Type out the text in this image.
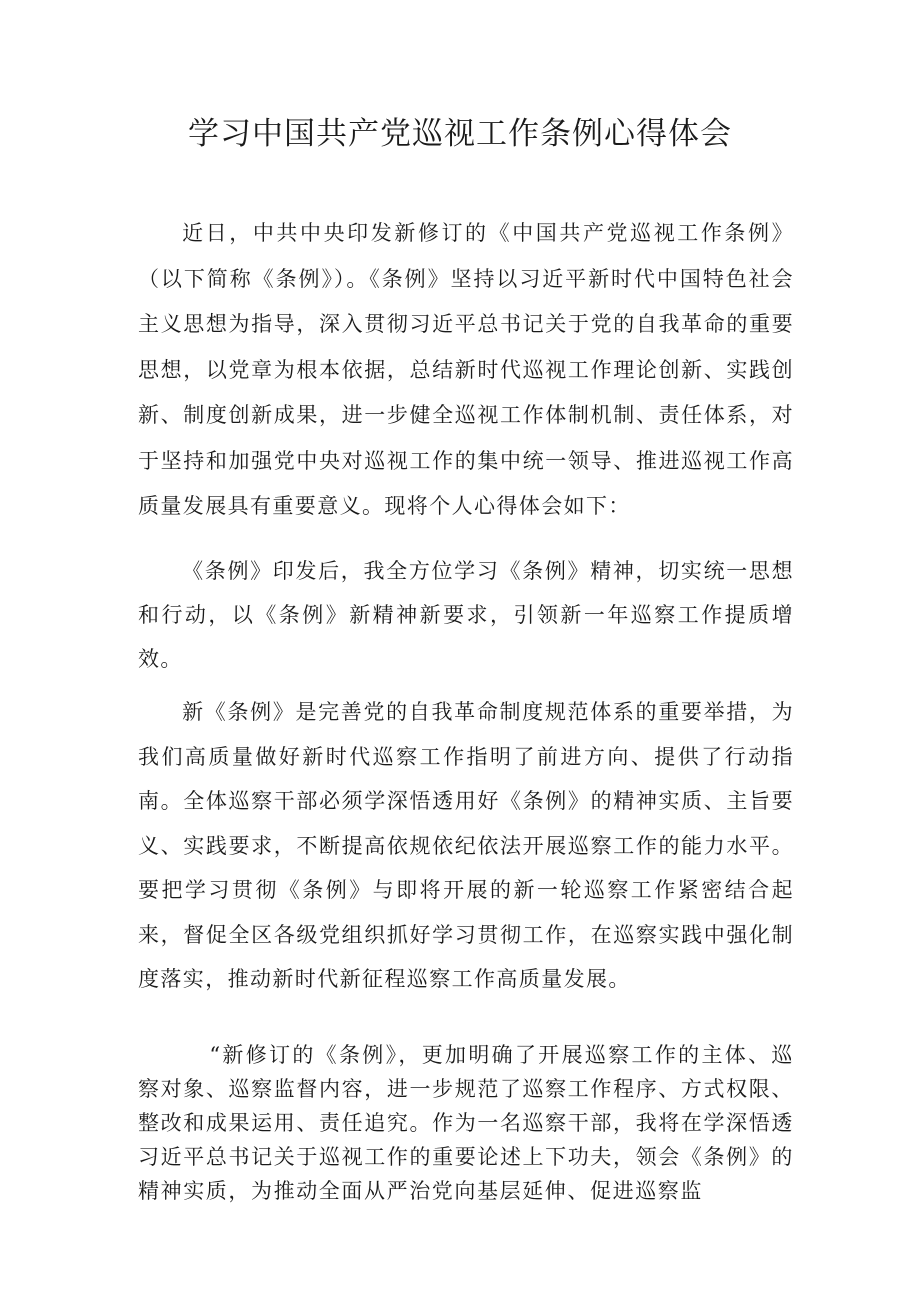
学习中国共产党巡视工作条例心得体会

近日，中共中央印发新修订的《中国共产党巡视工作条例》（以下简称《条例》）。《条例》坚持以习近平新时代中国特色社会主义思想为指导，深入贯彻习近平总书记关于党的自我革命的重要思想，以党章为根本依据，总结新时代巡视工作理论创新、实践创新、制度创新成果，进一步健全巡视工作体制机制、责任体系，对于坚持和加强党中央对巡视工作的集中统一领导、推进巡视工作高质量发展具有重要意义。现将个人心得体会如下：

《条例》印发后，我全方位学习《条例》精神，切实统一思想和行动，以《条例》新精神新要求，引领新一年巡察工作提质增效。

新《条例》是完善党的自我革命制度规范体系的重要举措，为我们高质量做好新时代巡察工作指明了前进方向、提供了行动指南。全体巡察干部必须学深悟透用好《条例》的精神实质、主旨要义、实践要求，不断提高依规依纪依法开展巡察工作的能力水平。要把学习贯彻《条例》与即将开展的新一轮巡察工作紧密结合起来，督促全区各级党组织抓好学习贯彻工作，在巡察实践中强化制度落实，推动新时代新征程巡察工作高质量发展。

“新修订的《条例》，更加明确了开展巡察工作的主体、巡察对象、巡察监督内容，进一步规范了巡察工作程序、方式权限、整改和成果运用、责任追究。作为一名巡察干部，我将在学深悟透习近平总书记关于巡视工作的重要论述上下功夫，领会《条例》的精神实质，为推动全面从严治党向基层延伸、促进巡察监
